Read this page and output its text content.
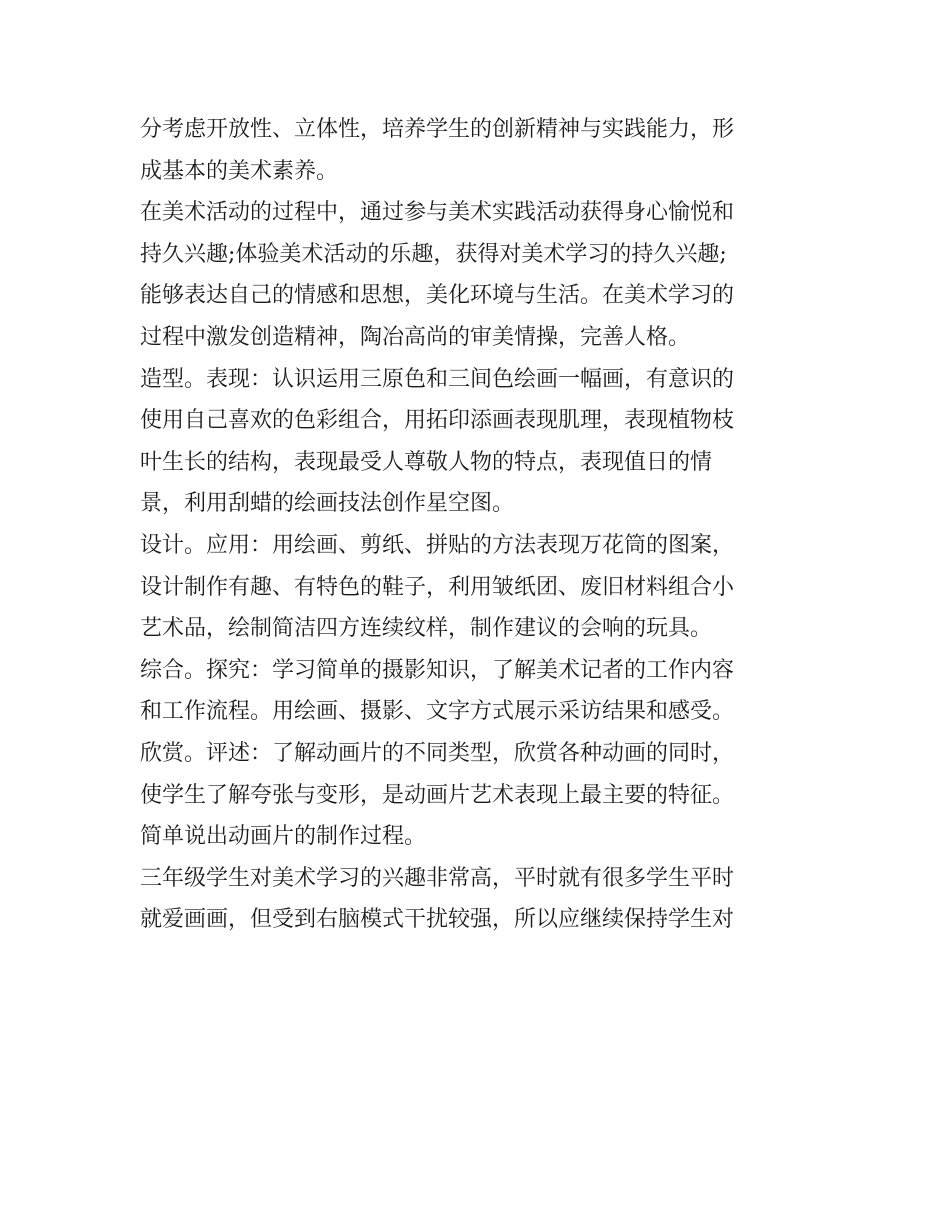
分考虑开放性、立体性，培养学生的创新精神与实践能力，形
成基本的美术素养。
在美术活动的过程中，通过参与美术实践活动获得身心愉悦和
持久兴趣;体验美术活动的乐趣，获得对美术学习的持久兴趣;
能够表达自己的情感和思想，美化环境与生活。在美术学习的
过程中激发创造精神，陶冶高尚的审美情操，完善人格。
造型。表现：认识运用三原色和三间色绘画一幅画，有意识的
使用自己喜欢的色彩组合，用拓印添画表现肌理，表现植物枝
叶生长的结构，表现最受人尊敬人物的特点，表现值日的情
景，利用刮蜡的绘画技法创作星空图。
设计。应用：用绘画、剪纸、拼贴的方法表现万花筒的图案，
设计制作有趣、有特色的鞋子，利用皱纸团、废旧材料组合小
艺术品，绘制简洁四方连续纹样，制作建议的会响的玩具。
综合。探究：学习简单的摄影知识，了解美术记者的工作内容
和工作流程。用绘画、摄影、文字方式展示采访结果和感受。
欣赏。评述：了解动画片的不同类型，欣赏各种动画的同时，
使学生了解夸张与变形，是动画片艺术表现上最主要的特征。
简单说出动画片的制作过程。
三年级学生对美术学习的兴趣非常高，平时就有很多学生平时
就爱画画，但受到右脑模式干扰较强，所以应继续保持学生对
